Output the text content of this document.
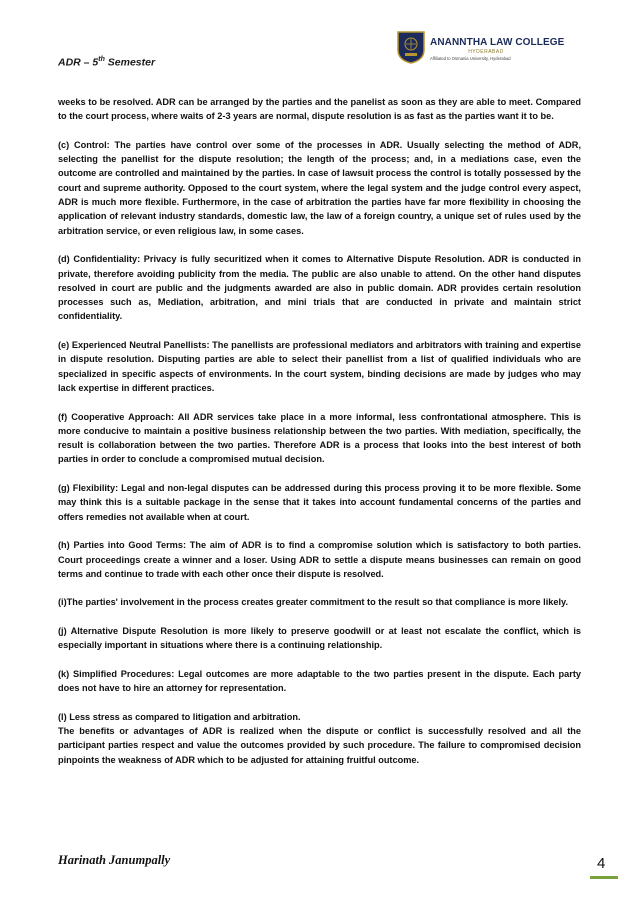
ADR – 5th Semester
ANANNTHA LAW COLLEGE
HYDERABAD
Affiliated to Osmania University, Hyderabad

weeks to be resolved. ADR can be arranged by the parties and the panelist as soon as they are able to meet. Compared to the court process, where waits of 2-3 years are normal, dispute resolution is as fast as the parties want it to be.

(c) Control: The parties have control over some of the processes in ADR. Usually selecting the method of ADR, selecting the panellist for the dispute resolution; the length of the process; and, in a mediations case, even the outcome are controlled and maintained by the parties. In case of lawsuit process the control is totally possessed by the court and supreme authority. Opposed to the court system, where the legal system and the judge control every aspect, ADR is much more flexible. Furthermore, in the case of arbitration the parties have far more flexibility in choosing the application of relevant industry standards, domestic law, the law of a foreign country, a unique set of rules used by the arbitration service, or even religious law, in some cases.

(d) Confidentiality: Privacy is fully securitized when it comes to Alternative Dispute Resolution. ADR is conducted in private, therefore avoiding publicity from the media. The public are also unable to attend. On the other hand disputes resolved in court are public and the judgments awarded are also in public domain. ADR provides certain resolution processes such as, Mediation, arbitration, and mini trials that are conducted in private and maintain strict confidentiality.

(e) Experienced Neutral Panellists: The panellists are professional mediators and arbitrators with training and expertise in dispute resolution. Disputing parties are able to select their panellist from a list of qualified individuals who are specialized in specific aspects of environments. In the court system, binding decisions are made by judges who may lack expertise in different practices.

(f) Cooperative Approach: All ADR services take place in a more informal, less confrontational atmosphere. This is more conducive to maintain a positive business relationship between the two parties. With mediation, specifically, the result is collaboration between the two parties. Therefore ADR is a process that looks into the best interest of both parties in order to conclude a compromised mutual decision.

(g) Flexibility: Legal and non-legal disputes can be addressed during this process proving it to be more flexible. Some may think this is a suitable package in the sense that it takes into account fundamental concerns of the parties and offers remedies not available when at court.

(h) Parties into Good Terms: The aim of ADR is to find a compromise solution which is satisfactory to both parties. Court proceedings create a winner and a loser. Using ADR to settle a dispute means businesses can remain on good terms and continue to trade with each other once their dispute is resolved.

(i)The parties' involvement in the process creates greater commitment to the result so that compliance is more likely.

(j) Alternative Dispute Resolution is more likely to preserve goodwill or at least not escalate the conflict, which is especially important in situations where there is a continuing relationship.

(k) Simplified Procedures: Legal outcomes are more adaptable to the two parties present in the dispute. Each party does not have to hire an attorney for representation.

(l) Less stress as compared to litigation and arbitration.

The benefits or advantages of ADR is realized when the dispute or conflict is successfully resolved and all the participant parties respect and value the outcomes provided by such procedure. The failure to compromised decision pinpoints the weakness of ADR which to be adjusted for attaining fruitful outcome.

Harinath Janumpally	4
